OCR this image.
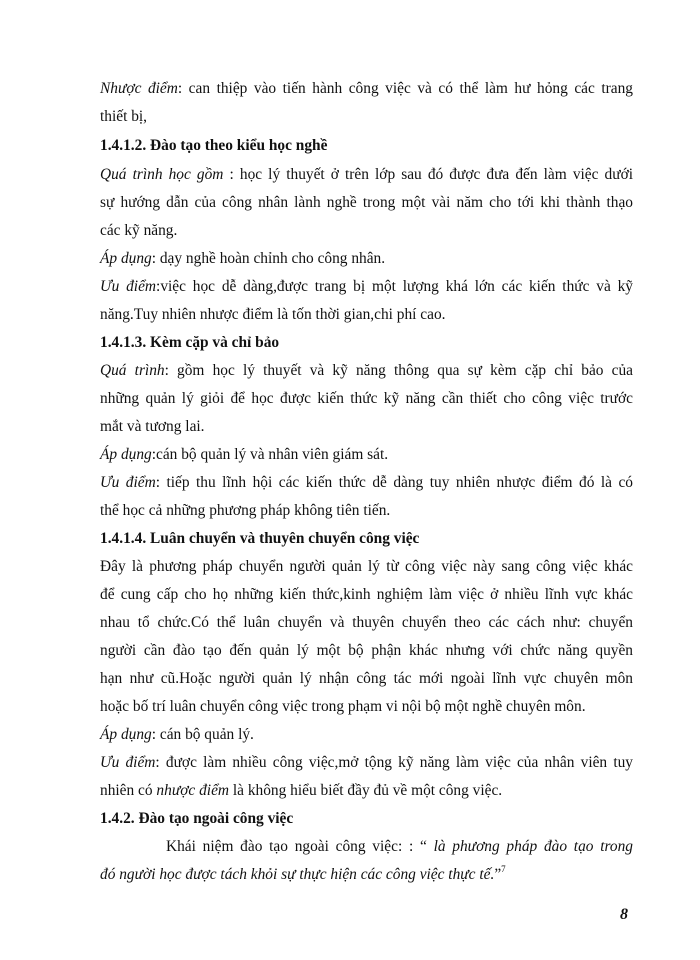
Nhược điểm: can thiệp vào tiến hành công việc và có thể làm hư hỏng các trang
thiết bị,
1.4.1.2. Đào tạo theo kiểu học nghề
Quá trình học gồm : học lý thuyết ở trên lớp sau đó được đưa đến làm việc dưới
sự hướng dẫn của công nhân lành nghề trong một vài năm cho tới khi thành thạo
các kỹ năng.
Áp dụng: dạy nghề hoàn chỉnh cho công nhân.
Ưu điểm:việc học dễ dàng,được trang bị một lượng khá lớn các kiến thức và kỹ
năng.Tuy nhiên nhược điểm là tốn thời gian,chi phí cao.
1.4.1.3. Kèm cặp và chỉ bảo
Quá trình: gồm học lý thuyết và kỹ năng thông qua sự kèm cặp chỉ bảo của
những quản lý giỏi để học được kiến thức kỹ năng cần thiết cho công việc trước
mắt và tương lai.
Áp dụng:cán bộ quản lý và nhân viên giám sát.
Ưu điểm: tiếp thu lĩnh hội các kiến thức dễ dàng tuy nhiên nhược điểm đó là có
thể học cả những phương pháp không tiên tiến.
1.4.1.4. Luân chuyển và thuyên chuyển công việc
Đây là phương pháp chuyển người quản lý từ công việc này sang công việc khác
để cung cấp cho họ những kiến thức,kinh nghiệm làm việc ở nhiều lĩnh vực khác
nhau tổ chức.Có thể luân chuyển và thuyên chuyển theo các cách như: chuyển
người cần đào tạo đến quản lý một bộ phận khác nhưng với chức năng quyền
hạn như cũ.Hoặc người quản lý nhận công tác mới ngoài lĩnh vực chuyên môn
hoặc bố trí luân chuyển công việc trong phạm vi nội bộ một nghề chuyên môn.
Áp dụng: cán bộ quản lý.
Ưu điểm: được làm nhiều công việc,mở tộng kỹ năng làm việc của nhân viên tuy
nhiên có nhược điểm là không hiểu biết đầy đủ về một công việc.
1.4.2. Đào tạo ngoài công việc
Khái niệm đào tạo ngoài công việc: : “ là phương pháp đào tạo trong
đó người học được tách khỏi sự thực hiện các công việc thực tế.”$^7$
8
